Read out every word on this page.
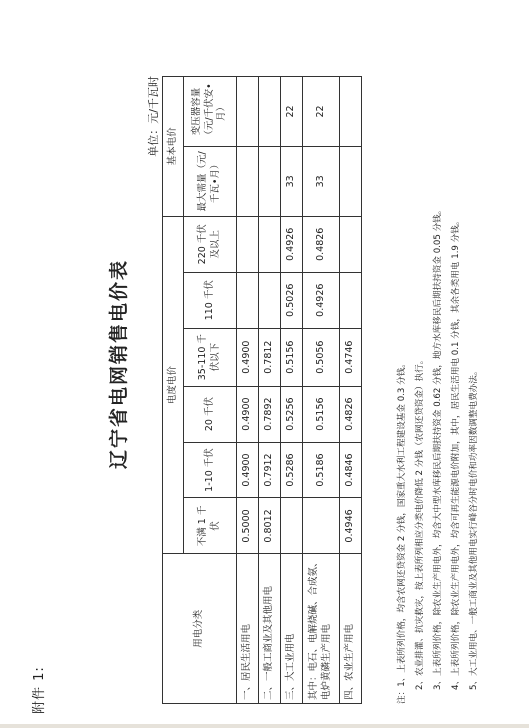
附件 1:
辽宁省电网销售电价表
单位：元/千瓦时
用电分类	电度电价						基本电价	
	不满 1 千伏	1-10 千伏	20 千伏	35-110 千伏以下	110 千伏	220 千伏及以上	最大需量（元/千瓦•月）	变压器容量（元/千伏安•月）
一、居民生活用电	0.5000	0.4900	0.4900	0.4900				
二、一般工商业及其他用电	0.8012	0.7912	0.7892	0.7812				
三、大工业用电		0.5286	0.5256	0.5156	0.5026	0.4926	33	22
其中：电石、电解烧碱、合成氨、电炉黄磷生产用电		0.5186	0.5156	0.5056	0.4926	0.4826	33	22
四、农业生产用电	0.4946	0.4846	0.4826	0.4746				
注：1、上表所列价格，均含农网还贷资金 2 分钱，国家重大水利工程建设基金 0.3 分钱。 2、农业排灌、抗灾救灾，按上表所列相应分类电价降低 2 分钱（农网还贷资金）执行。 3、上表所列价格，除农业生产用电外，均含大中型水库移民后期扶持资金 0.62 分钱，地方水库移民后期扶持资金 0.05 分钱。 4、上表所列价格，除农业生产用电外，均含可再生能源电价附加，其中，居民生活用电 0.1 分钱，其余各类用电 1.9 分钱。 5、大工业用电、一般工商业及其他用电实行峰谷分时电价和功率因数调整电费办法。
